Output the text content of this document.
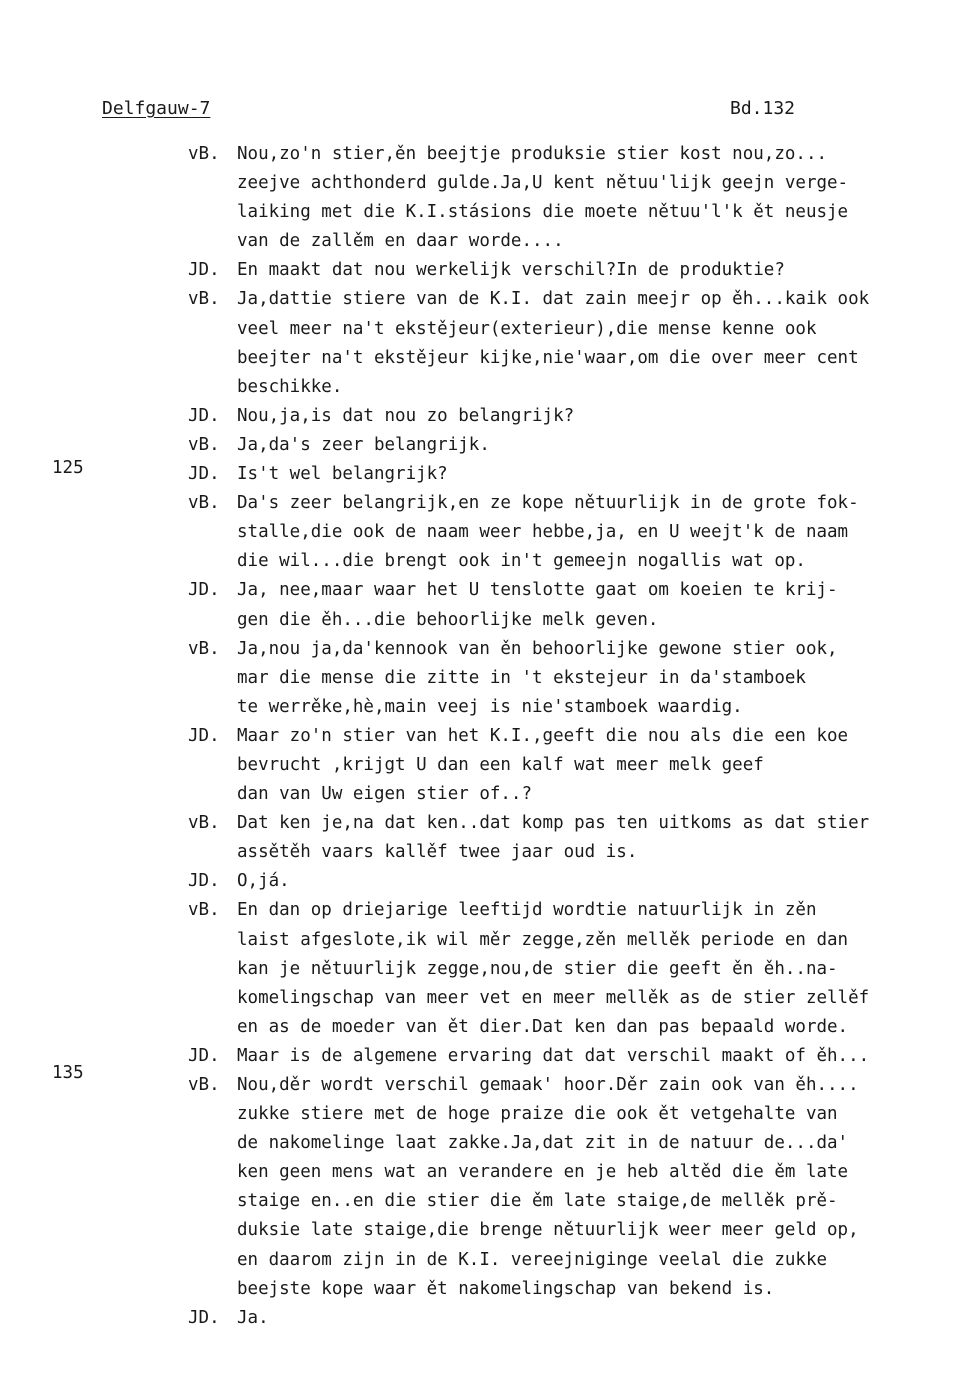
Delfgauw-7	Bd.132
125
135
vB. Nou,zo'n stier,ěn beejtje produksie stier kost nou,zo...
zeejve achthonderd gulde.Ja,U kent nětuu'lijk geejn verge-
laiking met die K.I.stásions die moete nětuu'l'k ět neusje
van de zallěm en daar worde....
JD. En maakt dat nou werkelijk verschil?In de produktie?
vB. Ja,dattie stiere van de K.I. dat zain meejr op ěh...kaik ook
veel meer na't ekstějeur(exterieur),die mense kenne ook
beejter na't ekstějeur kijke,nie'waar,om die over meer cent
beschikke.
JD. Nou,ja,is dat nou zo belangrijk?
vB. Ja,da's zeer belangrijk.
JD. Is't wel belangrijk?
vB. Da's zeer belangrijk,en ze kope nětuurlijk in de grote fok-
stalle,die ook de naam weer hebbe,ja, en U weejt'k de naam
die wil...die brengt ook in't gemeejn nogallis wat op.
JD. Ja, nee,maar waar het U tenslotte gaat om koeien te krij-
gen die ěh...die behoorlijke melk geven.
vB. Ja,nou ja,da'kennook van ěn behoorlijke gewone stier ook,
mar die mense die zitte in 't ekstejeur in da'stamboek
te werrěke,hè,main veej is nie'stamboek waardig.
JD. Maar zo'n stier van het K.I.,geeft die nou als die een koe
bevrucht ,krijgt U dan een kalf wat meer melk geef
dan van Uw eigen stier of..?
vB. Dat ken je,na dat ken..dat komp pas ten uitkoms as dat stier
assětěh vaars kallěf twee jaar oud is.
JD. O,já.
vB. En dan op driejarige leeftijd wordtie natuurlijk in zěn
laist afgeslote,ik wil měr zegge,zěn mellěk periode en dan
kan je nětuurlijk zegge,nou,de stier die geeft ěn ěh..na-
komelingschap van meer vet en meer mellěk as de stier zellěf
en as de moeder van ět dier.Dat ken dan pas bepaald worde.
JD. Maar is de algemene ervaring dat dat verschil maakt of ěh...
vB. Nou,děr wordt verschil gemaak' hoor.Děr zain ook van ěh....
zukke stiere met de hoge praize die ook ět vetgehalte van
de nakomelinge laat zakke.Ja,dat zit in de natuur de...da'
ken geen mens wat an verandere en je heb altěd die ěm late
staige en..en die stier die ěm late staige,de mellěk prě-
duksie late staige,die brenge nětuurlijk weer meer geld op,
en daarom zijn in de K.I. vereejniginge veelal die zukke
beejste kope waar ět nakomelingschap van bekend is.
JD. Ja.
